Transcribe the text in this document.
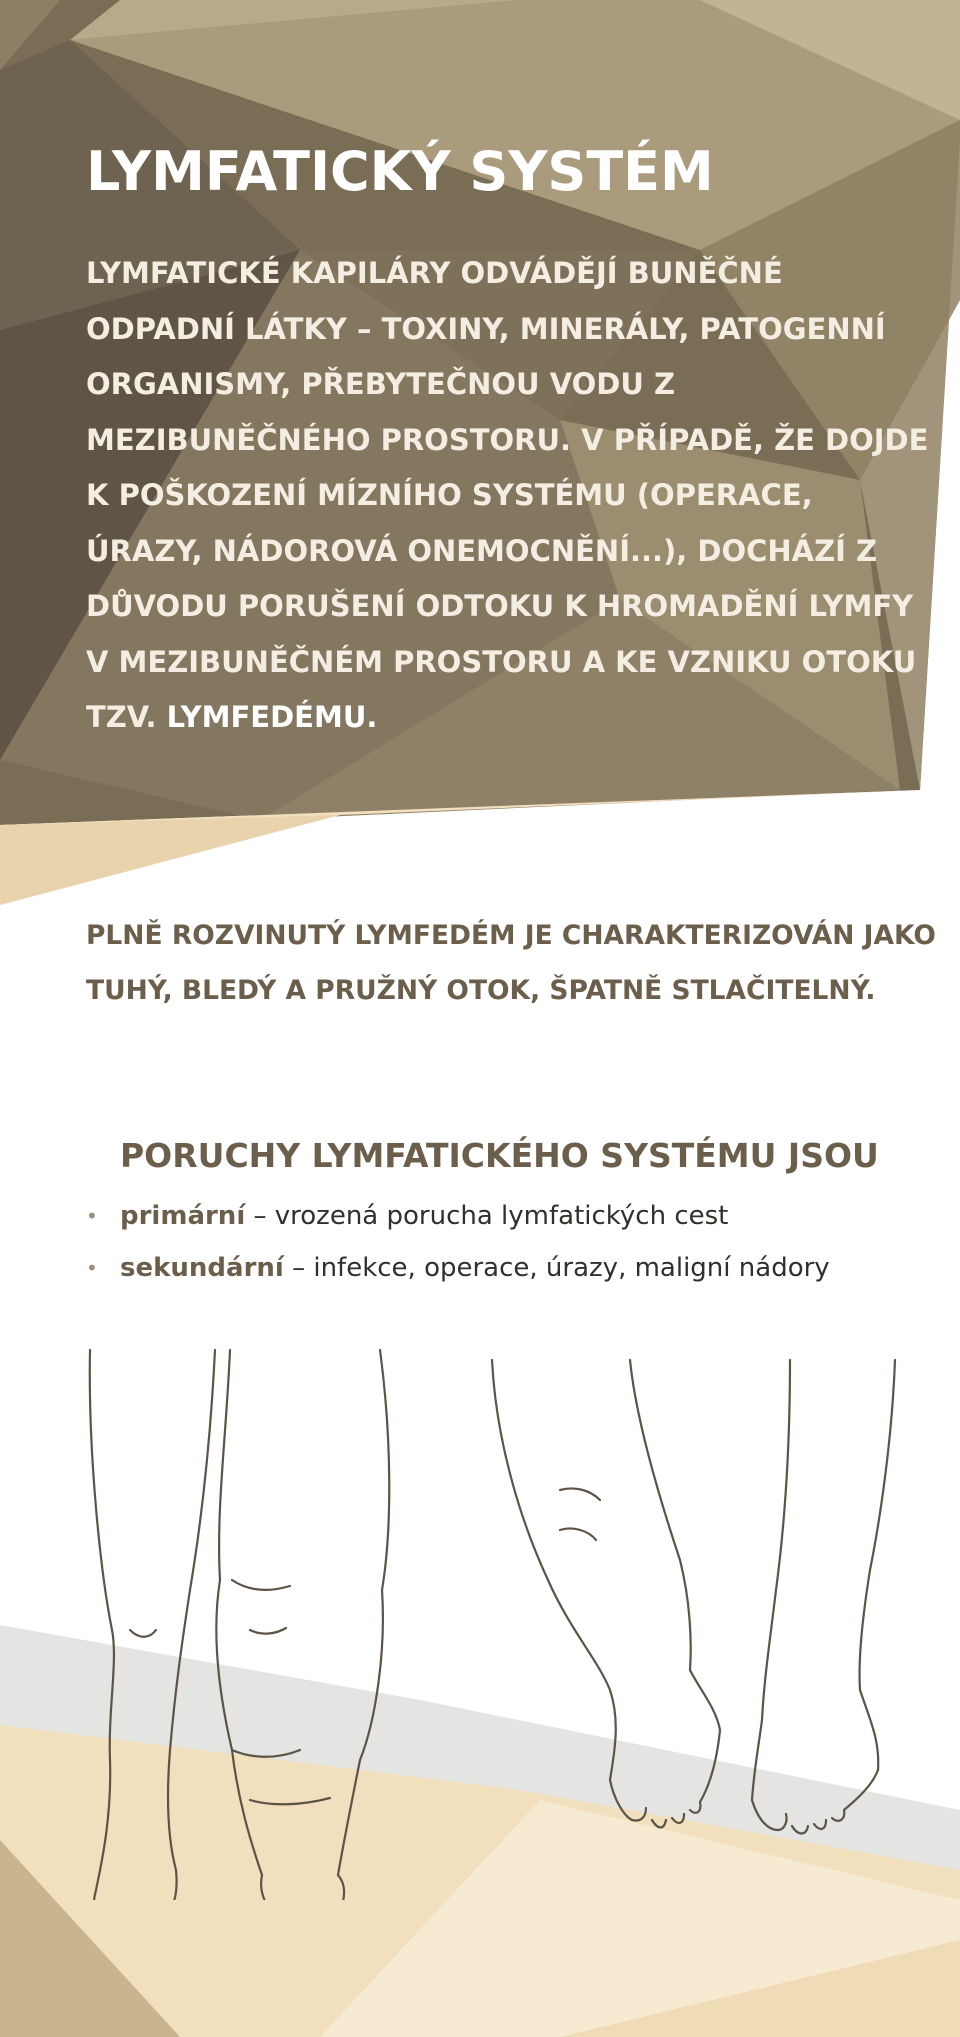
LYMFATICKÝ SYSTÉM

LYMFATICKÉ KAPILÁRY ODVÁDĚJÍ BUNĚČNÉ ODPADNÍ LÁTKY – TOXINY, MINERÁLY, PATOGENNÍ ORGANISMY, PŘEBYTEČNOU VODU Z MEZIBUNĚČNÉHO PROSTORU. V PŘÍPADĚ, ŽE DOJDE K POŠKOZENÍ MÍZNÍHO SYSTÉMU (OPERACE, ÚRAZY, NÁDOROVÁ ONEMOCNĚNÍ...), DOCHÁZÍ Z DŮVODU PORUŠENÍ ODTOKU K HROMADĚNÍ LYMFY V MEZIBUNĚČNÉM PROSTORU A KE VZNIKU OTOKU TZV. LYMFEDÉMU.

PLNĚ ROZVINUTÝ LYMFEDÉM JE CHARAKTERIZOVÁN JAKO TUHÝ, BLEDÝ A PRUŽNÝ OTOK, ŠPATNĚ STLAČITELNÝ.

PORUCHY LYMFATICKÉHO SYSTÉMU JSOU
• primární – vrozená porucha lymfatických cest
• sekundární – infekce, operace, úrazy, maligní nádory
